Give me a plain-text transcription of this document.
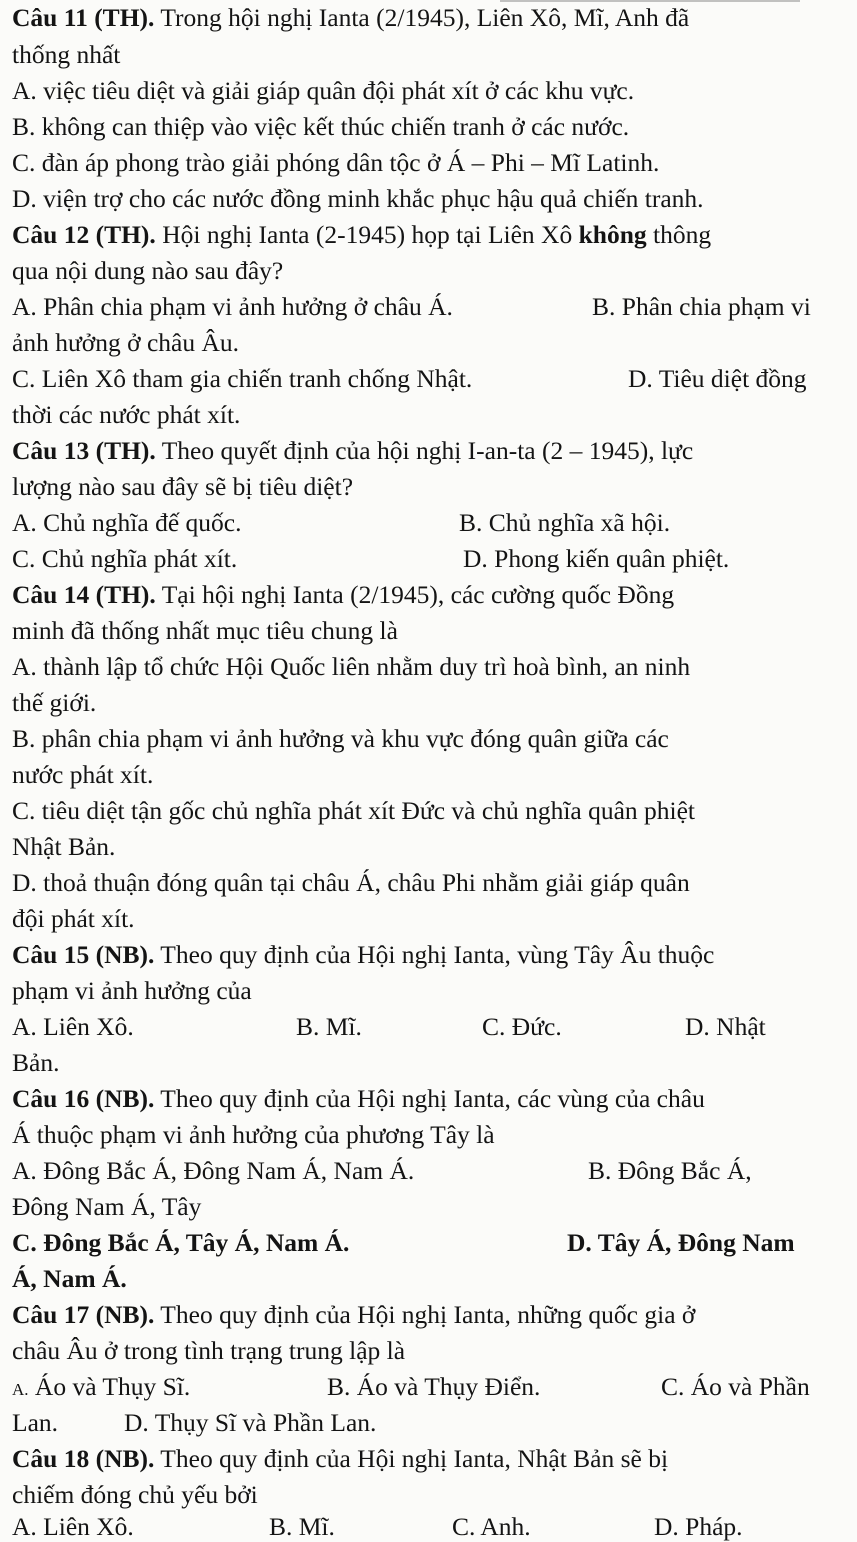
Câu 11 (TH). Trong hội nghị Ianta (2/1945), Liên Xô, Mĩ, Anh đã
thống nhất
A. việc tiêu diệt và giải giáp quân đội phát xít ở các khu vực.
B. không can thiệp vào việc kết thúc chiến tranh ở các nước.
C. đàn áp phong trào giải phóng dân tộc ở Á – Phi – Mĩ Latinh.
D. viện trợ cho các nước đồng minh khắc phục hậu quả chiến tranh.
Câu 12 (TH). Hội nghị Ianta (2-1945) họp tại Liên Xô không thông
qua nội dung nào sau đây?
A. Phân chia phạm vi ảnh hưởng ở châu Á.	B. Phân chia phạm vi
ảnh hưởng ở châu Âu.
C. Liên Xô tham gia chiến tranh chống Nhật.	D. Tiêu diệt đồng
thời các nước phát xít.
Câu 13 (TH). Theo quyết định của hội nghị I-an-ta (2 – 1945), lực
lượng nào sau đây sẽ bị tiêu diệt?
A. Chủ nghĩa đế quốc.	B. Chủ nghĩa xã hội.
C. Chủ nghĩa phát xít.	D. Phong kiến quân phiệt.
Câu 14 (TH). Tại hội nghị Ianta (2/1945), các cường quốc Đồng
minh đã thống nhất mục tiêu chung là
A. thành lập tổ chức Hội Quốc liên nhằm duy trì hoà bình, an ninh
thế giới.
B. phân chia phạm vi ảnh hưởng và khu vực đóng quân giữa các
nước phát xít.
C. tiêu diệt tận gốc chủ nghĩa phát xít Đức và chủ nghĩa quân phiệt
Nhật Bản.
D. thoả thuận đóng quân tại châu Á, châu Phi nhằm giải giáp quân
đội phát xít.
Câu 15 (NB). Theo quy định của Hội nghị Ianta, vùng Tây Âu thuộc
phạm vi ảnh hưởng của
A. Liên Xô.	B. Mĩ.	C. Đức.	D. Nhật
Bản.
Câu 16 (NB). Theo quy định của Hội nghị Ianta, các vùng của châu
Á thuộc phạm vi ảnh hưởng của phương Tây là
A. Đông Bắc Á, Đông Nam Á, Nam Á.	B. Đông Bắc Á,
Đông Nam Á, Tây
C. Đông Bắc Á, Tây Á, Nam Á.	D. Tây Á, Đông Nam
Á, Nam Á.
Câu 17 (NB). Theo quy định của Hội nghị Ianta, những quốc gia ở
châu Âu ở trong tình trạng trung lập là
A. Áo và Thụy Sĩ.	B. Áo và Thụy Điển.	C. Áo và Phần
Lan.	D. Thụy Sĩ và Phần Lan.
Câu 18 (NB). Theo quy định của Hội nghị Ianta, Nhật Bản sẽ bị
chiếm đóng chủ yếu bởi
A. Liên Xô.	B. Mĩ.	C. Anh.	D. Pháp.
